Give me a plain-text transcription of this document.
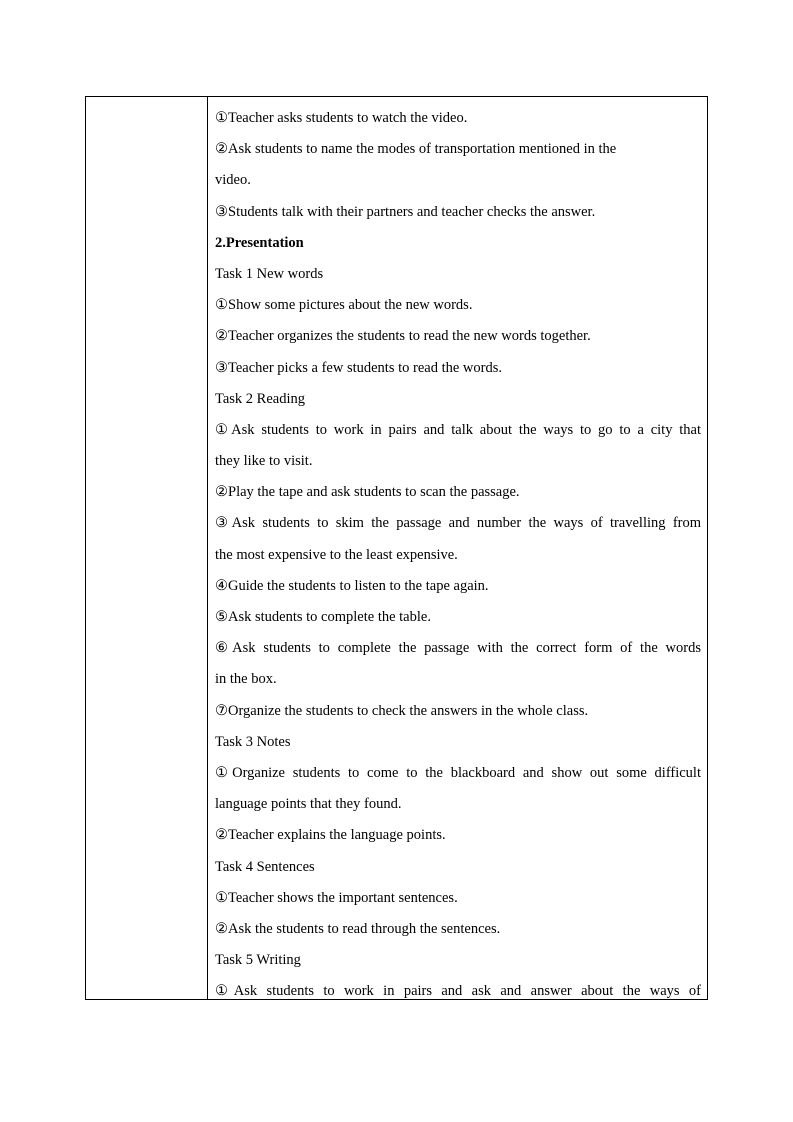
①Teacher asks students to watch the video.
②Ask students to name the modes of transportation mentioned in the
video.
③Students talk with their partners and teacher checks the answer.
2.Presentation
Task 1 New words
①Show some pictures about the new words.
②Teacher organizes the students to read the new words together.
③Teacher picks a few students to read the words.
Task 2 Reading
①Ask students to work in pairs and talk about the ways to go to a city that
they like to visit.
②Play the tape and ask students to scan the passage.
③Ask students to skim the passage and number the ways of travelling from
the most expensive to the least expensive.
④Guide the students to listen to the tape again.
⑤Ask students to complete the table.
⑥Ask students to complete the passage with the correct form of the words
in the box.
⑦Organize the students to check the answers in the whole class.
Task 3 Notes
①Organize students to come to the blackboard and show out some difficult
language points that they found.
②Teacher explains the language points.
Task 4 Sentences
①Teacher shows the important sentences.
②Ask the students to read through the sentences.
Task 5 Writing
①Ask students to work in pairs and ask and answer about the ways of
